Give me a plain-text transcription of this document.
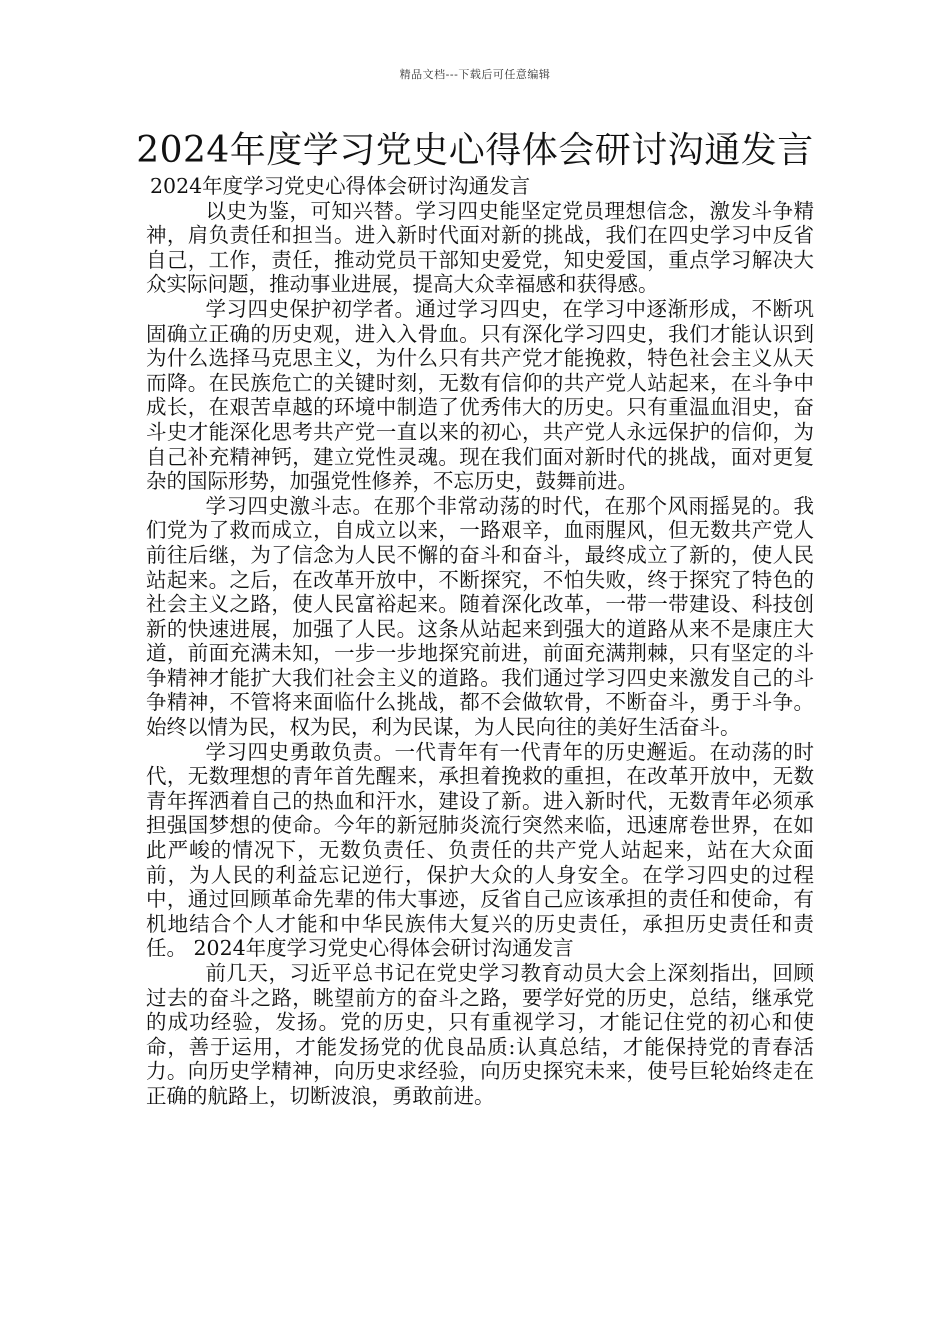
精品文档---下载后可任意编辑
2024年度学习党史心得体会研讨沟通发言

2024年度学习党史心得体会研讨沟通发言

以史为鉴，可知兴替。学习四史能坚定党员理想信念，激发斗争精神，肩负责任和担当。进入新时代面对新的挑战，我们在四史学习中反省自己，工作，责任，推动党员干部知史爱党，知史爱国，重点学习解决大众实际问题，推动事业进展，提高大众幸福感和获得感。

学习四史保护初学者。通过学习四史，在学习中逐渐形成，不断巩固确立正确的历史观，进入入骨血。只有深化学习四史，我们才能认识到为什么选择马克思主义，为什么只有共产党才能挽救，特色社会主义从天而降。在民族危亡的关键时刻，无数有信仰的共产党人站起来，在斗争中成长，在艰苦卓越的环境中制造了优秀伟大的历史。只有重温血泪史，奋斗史才能深化思考共产党一直以来的初心，共产党人永远保护的信仰，为自己补充精神钙，建立党性灵魂。现在我们面对新时代的挑战，面对更复杂的国际形势，加强党性修养，不忘历史，鼓舞前进。

学习四史激斗志。在那个非常动荡的时代，在那个风雨摇晃的。我们党为了救而成立，自成立以来，一路艰辛，血雨腥风，但无数共产党人前往后继，为了信念为人民不懈的奋斗和奋斗，最终成立了新的，使人民站起来。之后，在改革开放中，不断探究，不怕失败，终于探究了特色的社会主义之路，使人民富裕起来。随着深化改革，一带一带建设、科技创新的快速进展，加强了人民。这条从站起来到强大的道路从来不是康庄大道，前面充满未知，一步一步地探究前进，前面充满荆棘，只有坚定的斗争精神才能扩大我们社会主义的道路。我们通过学习四史来激发自己的斗争精神，不管将来面临什么挑战，都不会做软骨，不断奋斗，勇于斗争。始终以情为民，权为民，利为民谋，为人民向往的美好生活奋斗。

学习四史勇敢负责。一代青年有一代青年的历史邂逅。在动荡的时代，无数理想的青年首先醒来，承担着挽救的重担，在改革开放中，无数青年挥洒着自己的热血和汗水，建设了新。进入新时代，无数青年必须承担强国梦想的使命。今年的新冠肺炎流行突然来临，迅速席卷世界，在如此严峻的情况下，无数负责任、负责任的共产党人站起来，站在大众面前，为人民的利益忘记逆行，保护大众的人身安全。在学习四史的过程中，通过回顾革命先辈的伟大事迹，反省自己应该承担的责任和使命，有机地结合个人才能和中华民族伟大复兴的历史责任，承担历史责任和责任。 2024年度学习党史心得体会研讨沟通发言

前几天，习近平总书记在党史学习教育动员大会上深刻指出，回顾过去的奋斗之路，眺望前方的奋斗之路，要学好党的历史，总结，继承党的成功经验，发扬。党的历史，只有重视学习，才能记住党的初心和使命，善于运用，才能发扬党的优良品质:认真总结，才能保持党的青春活力。向历史学精神，向历史求经验，向历史探究未来，使号巨轮始终走在正确的航路上，切断波浪，勇敢前进。
